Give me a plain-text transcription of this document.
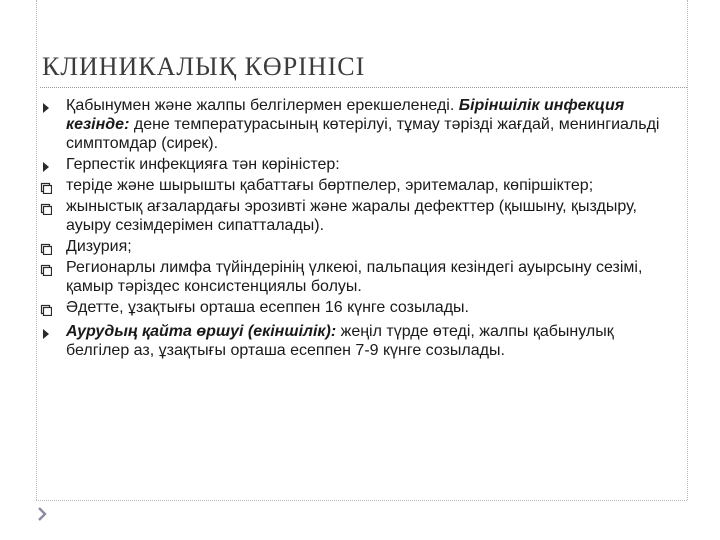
КЛИНИКАЛЫҚ КӨРІНІСІ
Қабынумен және жалпы белгілермен ерекшеленеді. Біріншілік инфекция кезінде: дене температурасының көтерілуі, тұмау тәрізді жағдай, менингиальді симптомдар (сирек).
Герпестік инфекцияға тән көріністер:
теріде және шырышты қабаттағы бөртпелер, эритемалар, көпіршіктер;
жыныстық ағзалардағы эрозивті және жаралы дефекттер (қышыну, қыздыру, ауыру сезімдерімен сипатталады).
Дизурия;
Регионарлы лимфа түйіндерінің үлкеюі, пальпация кезіндегі ауырсыну сезімі, қамыр тәріздес консистенциялы болуы.
Әдетте, ұзақтығы орташа есеппен 16 күнге созылады.
Аурудың қайта өршуі (екіншілік): жеңіл түрде өтеді, жалпы қабынулық белгілер аз, ұзақтығы орташа есеппен 7-9 күнге созылады.
